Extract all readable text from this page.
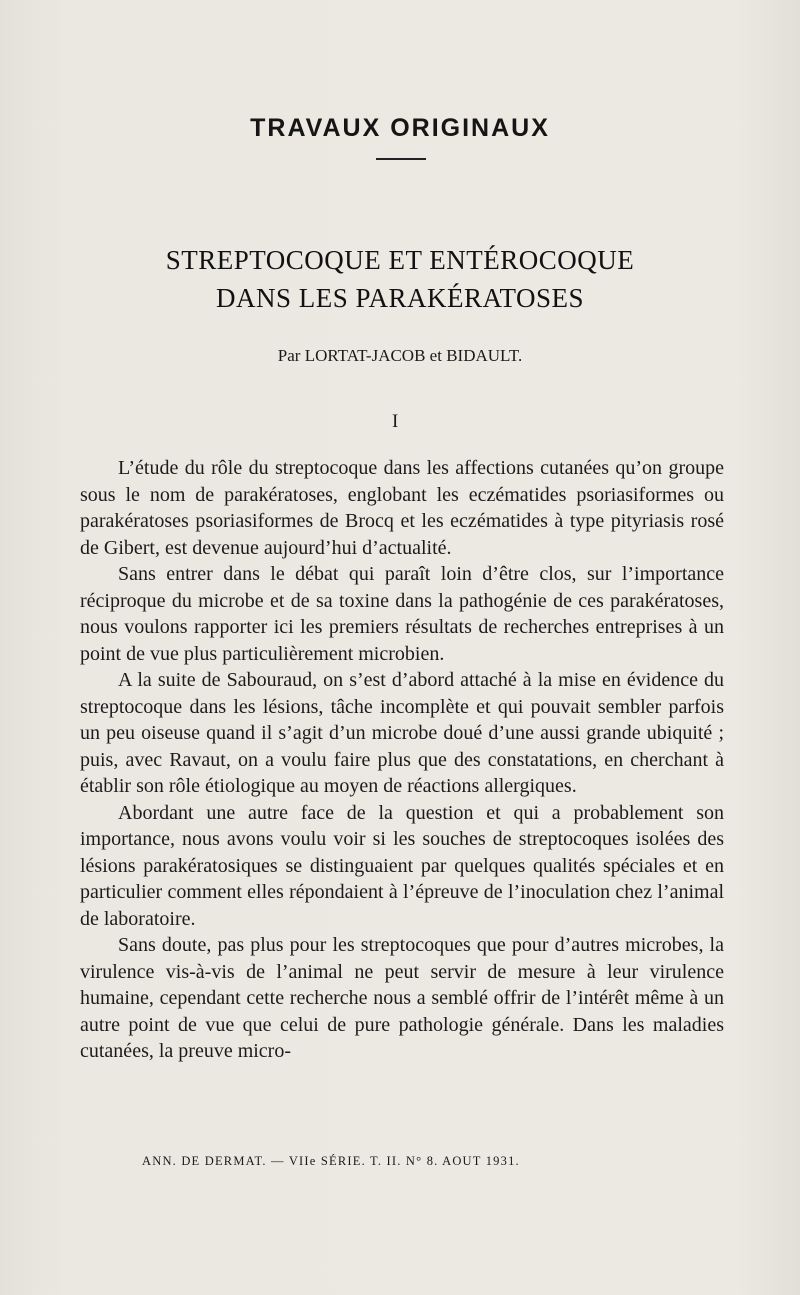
TRAVAUX ORIGINAUX
STREPTOCOQUE ET ENTÉROCOQUE
DANS LES PARAKÉRATOSES
Par LORTAT-JACOB et BIDAULT.
I

L’étude du rôle du streptocoque dans les affections cutanées qu’on groupe sous le nom de parakératoses, englobant les eczématides psoriasiformes ou parakératoses psoriasiformes de Brocq et les eczématides à type pityriasis rosé de Gibert, est devenue aujourd’hui d’actualité.

Sans entrer dans le débat qui paraît loin d’être clos, sur l’importance réciproque du microbe et de sa toxine dans la pathogénie de ces parakératoses, nous voulons rapporter ici les premiers résultats de recherches entreprises à un point de vue plus particulièrement microbien.

A la suite de Sabouraud, on s’est d’abord attaché à la mise en évidence du streptocoque dans les lésions, tâche incomplète et qui pouvait sembler parfois un peu oiseuse quand il s’agit d’un microbe doué d’une aussi grande ubiquité ; puis, avec Ravaut, on a voulu faire plus que des constatations, en cherchant à établir son rôle étiologique au moyen de réactions allergiques.

Abordant une autre face de la question et qui a probablement son importance, nous avons voulu voir si les souches de streptocoques isolées des lésions parakératosiques se distinguaient par quelques qualités spéciales et en particulier comment elles répondaient à l’épreuve de l’inoculation chez l’animal de laboratoire.

Sans doute, pas plus pour les streptocoques que pour d’autres microbes, la virulence vis-à-vis de l’animal ne peut servir de mesure à leur virulence humaine, cependant cette recherche nous a semblé offrir de l’intérêt même à un autre point de vue que celui de pure pathologie générale. Dans les maladies cutanées, la preuve micro-

ANN. DE DERMAT. — VIIe SÉRIE. T. II. N° 8. AOUT 1931.
